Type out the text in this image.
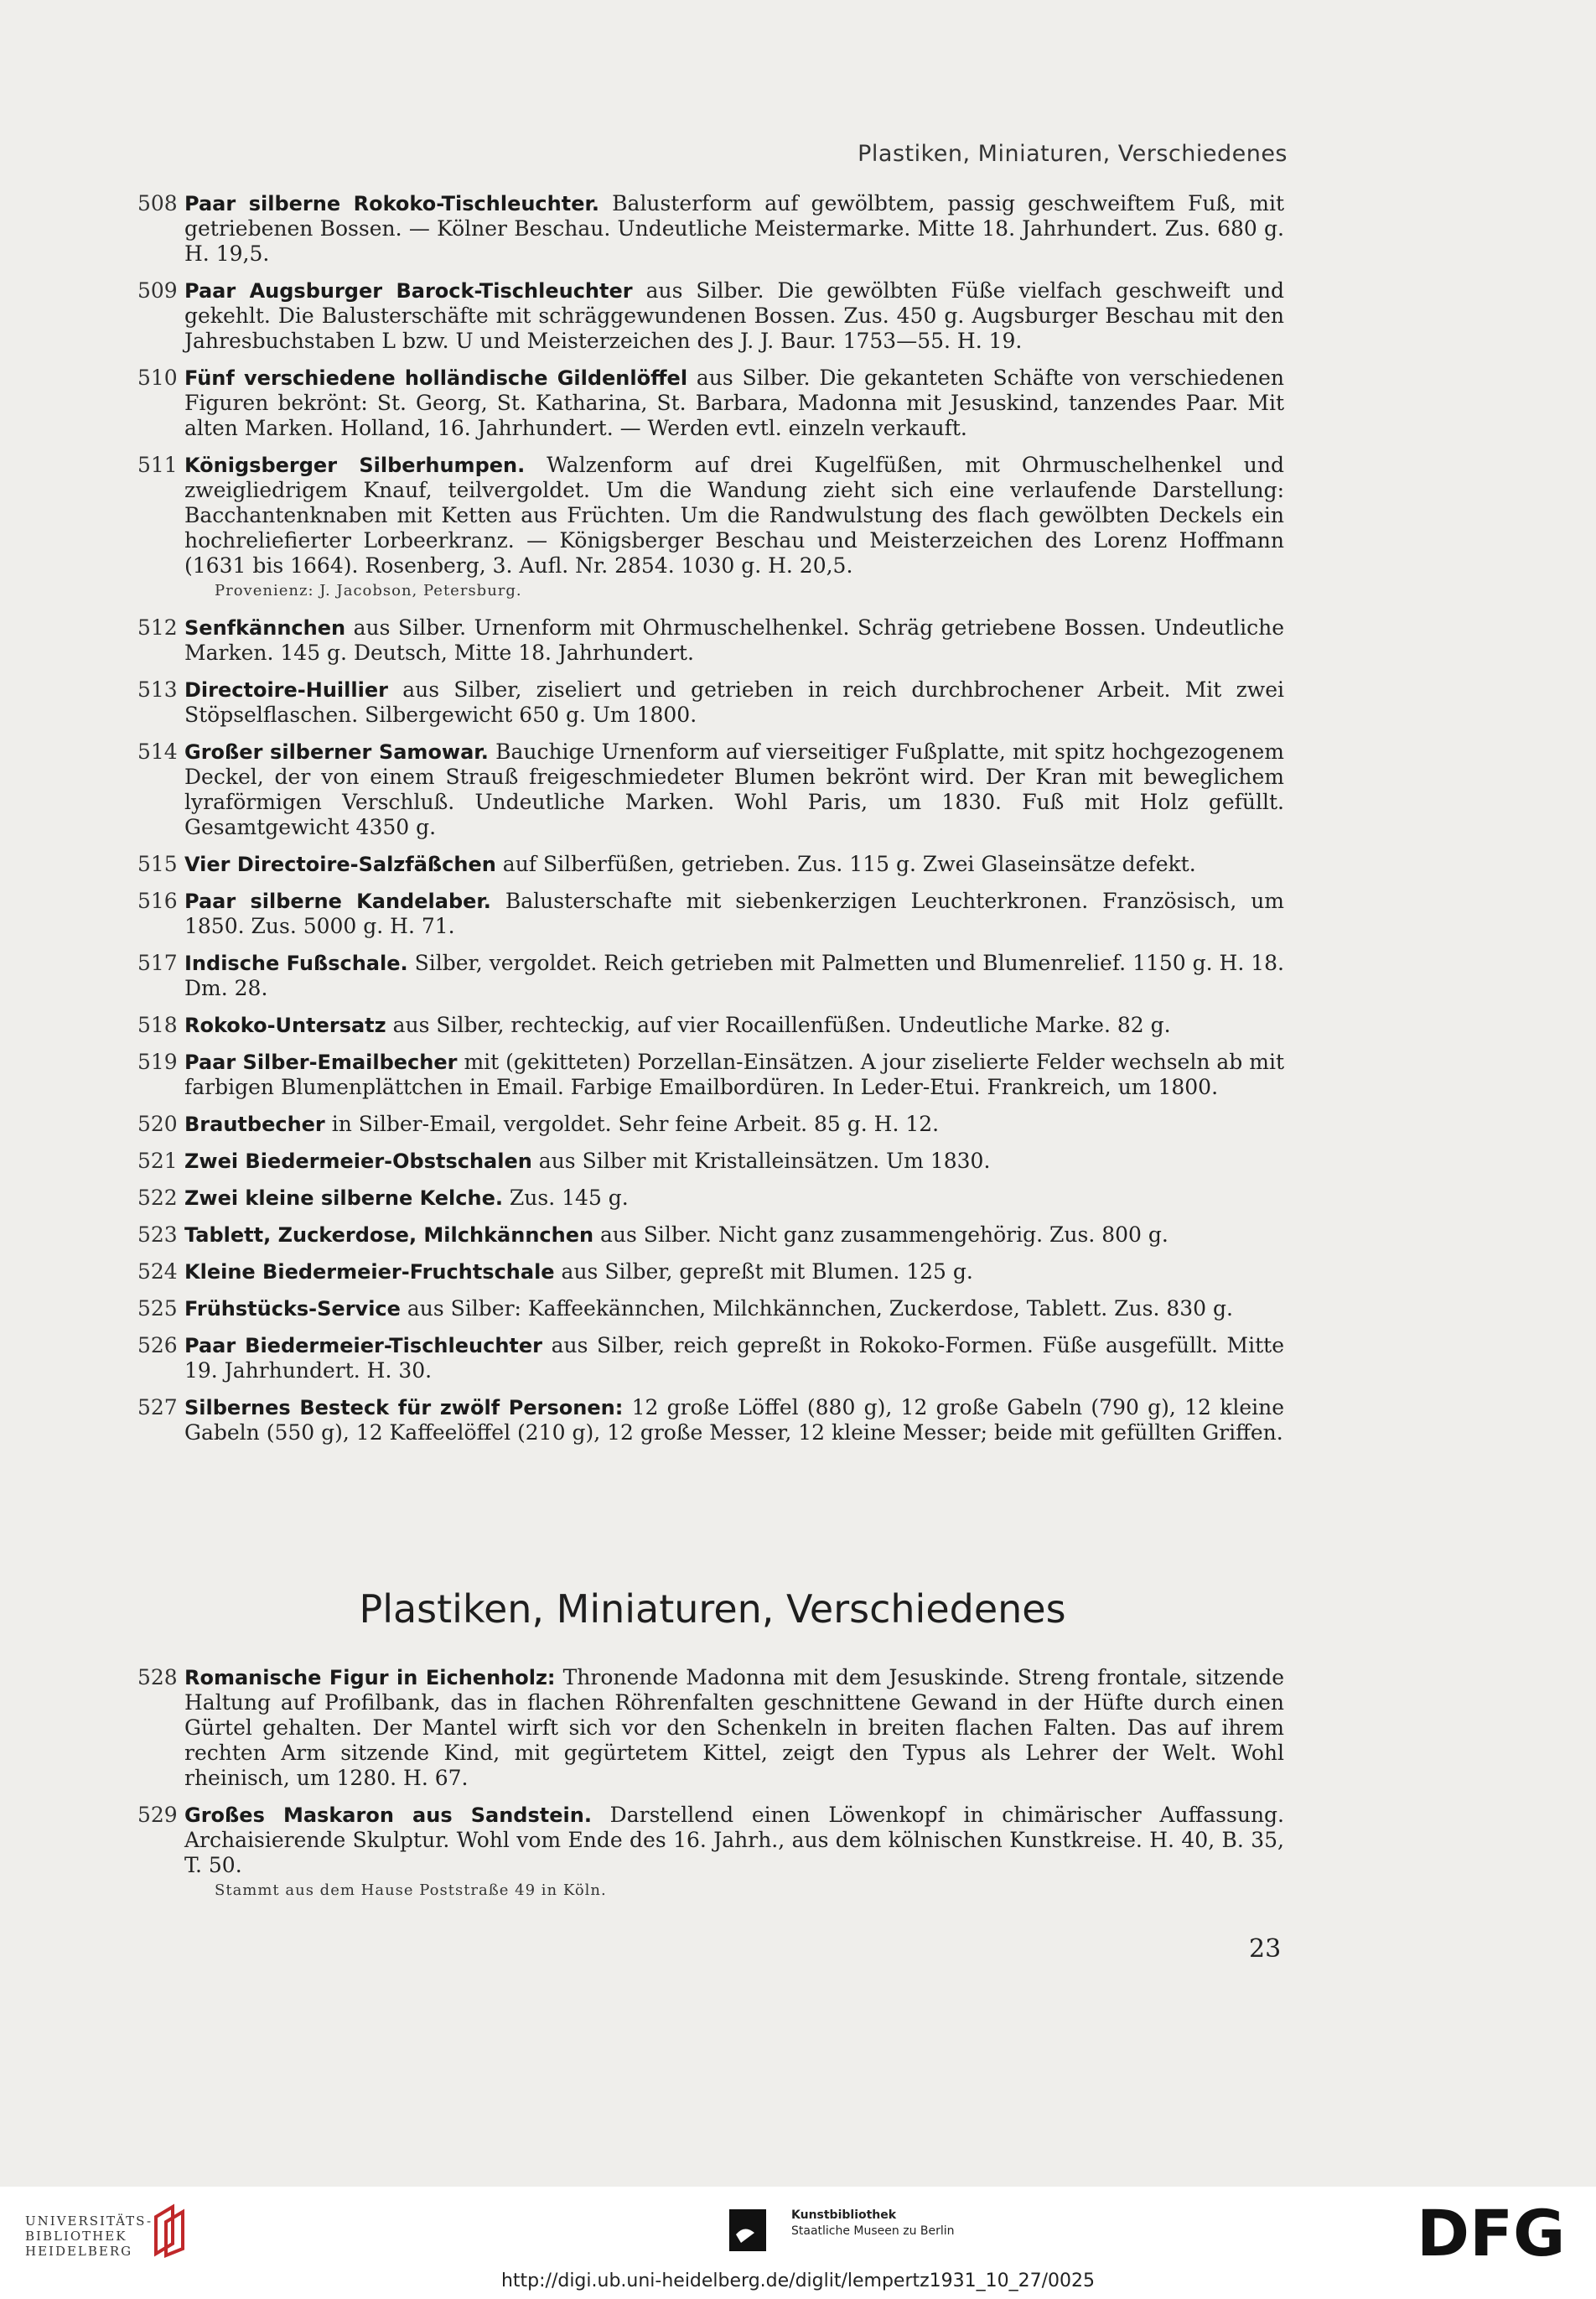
Plastiken, Miniaturen, Verschiedenes
508 Paar silberne Rokoko-Tischleuchter. Balusterform auf gewölbtem, passig geschweiftem Fuß, mit getriebenen Bossen. — Kölner Beschau. Undeutliche Meistermarke. Mitte 18. Jahrhundert. Zus. 680 g. H. 19,5.
509 Paar Augsburger Barock-Tischleuchter aus Silber. Die gewölbten Füße vielfach geschweift und gekehlt. Die Balusterschäfte mit schräggewundenen Bossen. Zus. 450 g. Augsburger Beschau mit den Jahresbuchstaben L bzw. U und Meisterzeichen des J. J. Baur. 1753—55. H. 19.
510 Fünf verschiedene holländische Gildenlöffel aus Silber. Die gekanteten Schäfte von verschiedenen Figuren bekrönt: St. Georg, St. Katharina, St. Barbara, Madonna mit Jesuskind, tanzendes Paar. Mit alten Marken. Holland, 16. Jahrhundert. — Werden evtl. einzeln verkauft.
511 Königsberger Silberhumpen. Walzenform auf drei Kugelfüßen, mit Ohrmuschelhenkel und zweigliedrigem Knauf, teilvergoldet. Um die Wandung zieht sich eine verlaufende Darstellung: Bacchantenknaben mit Ketten aus Früchten. Um die Randwulstung des flach gewölbten Deckels ein hochreliefierter Lorbeerkranz. — Königsberger Beschau und Meisterzeichen des Lorenz Hoffmann (1631 bis 1664). Rosenberg, 3. Aufl. Nr. 2854. 1030 g. H. 20,5.
Provenienz: J. Jacobson, Petersburg.
512 Senfkännchen aus Silber. Urnenform mit Ohrmuschelhenkel. Schräg getriebene Bossen. Undeutliche Marken. 145 g. Deutsch, Mitte 18. Jahrhundert.
513 Directoire-Huillier aus Silber, ziseliert und getrieben in reich durchbrochener Arbeit. Mit zwei Stöpselflaschen. Silbergewicht 650 g. Um 1800.
514 Großer silberner Samowar. Bauchige Urnenform auf vierseitiger Fußplatte, mit spitz hochgezogenem Deckel, der von einem Strauß freigeschmiedeter Blumen bekrönt wird. Der Kran mit beweglichem lyraförmigen Verschluß. Undeutliche Marken. Wohl Paris, um 1830. Fuß mit Holz gefüllt. Gesamtgewicht 4350 g.
515 Vier Directoire-Salzfäßchen auf Silberfüßen, getrieben. Zus. 115 g. Zwei Glaseinsätze defekt.
516 Paar silberne Kandelaber. Balusterschafte mit siebenkerzigen Leuchterkronen. Französisch, um 1850. Zus. 5000 g. H. 71.
517 Indische Fußschale. Silber, vergoldet. Reich getrieben mit Palmetten und Blumenrelief. 1150 g. H. 18. Dm. 28.
518 Rokoko-Untersatz aus Silber, rechteckig, auf vier Rocaillenfüßen. Undeutliche Marke. 82 g.
519 Paar Silber-Emailbecher mit (gekitteten) Porzellan-Einsätzen. A jour ziselierte Felder wechseln ab mit farbigen Blumenplättchen in Email. Farbige Emailbordüren. In Leder-Etui. Frankreich, um 1800.
520 Brautbecher in Silber-Email, vergoldet. Sehr feine Arbeit. 85 g. H. 12.
521 Zwei Biedermeier-Obstschalen aus Silber mit Kristalleinsätzen. Um 1830.
522 Zwei kleine silberne Kelche. Zus. 145 g.
523 Tablett, Zuckerdose, Milchkännchen aus Silber. Nicht ganz zusammengehörig. Zus. 800 g.
524 Kleine Biedermeier-Fruchtschale aus Silber, gepreßt mit Blumen. 125 g.
525 Frühstücks-Service aus Silber: Kaffeekännchen, Milchkännchen, Zuckerdose, Tablett. Zus. 830 g.
526 Paar Biedermeier-Tischleuchter aus Silber, reich gepreßt in Rokoko-Formen. Füße ausgefüllt. Mitte 19. Jahrhundert. H. 30.
527 Silbernes Besteck für zwölf Personen: 12 große Löffel (880 g), 12 große Gabeln (790 g), 12 kleine Gabeln (550 g), 12 Kaffeelöffel (210 g), 12 große Messer, 12 kleine Messer; beide mit gefüllten Griffen.
Plastiken, Miniaturen, Verschiedenes
528 Romanische Figur in Eichenholz: Thronende Madonna mit dem Jesuskinde. Streng frontale, sitzende Haltung auf Profilbank, das in flachen Röhrenfalten geschnittene Gewand in der Hüfte durch einen Gürtel gehalten. Der Mantel wirft sich vor den Schenkeln in breiten flachen Falten. Das auf ihrem rechten Arm sitzende Kind, mit gegürtetem Kittel, zeigt den Typus als Lehrer der Welt. Wohl rheinisch, um 1280. H. 67.
529 Großes Maskaron aus Sandstein. Darstellend einen Löwenkopf in chimärischer Auffassung. Archaisierende Skulptur. Wohl vom Ende des 16. Jahrh., aus dem kölnischen Kunstkreise. H. 40, B. 35, T. 50.
Stammt aus dem Hause Poststraße 49 in Köln.
23
UNIVERSITÄTS-
BIBLIOTHEK
HEIDELBERG
Kunstbibliothek
Staatliche Museen zu Berlin	DFG
http://digi.ub.uni-heidelberg.de/diglit/lempertz1931_10_27/0025
